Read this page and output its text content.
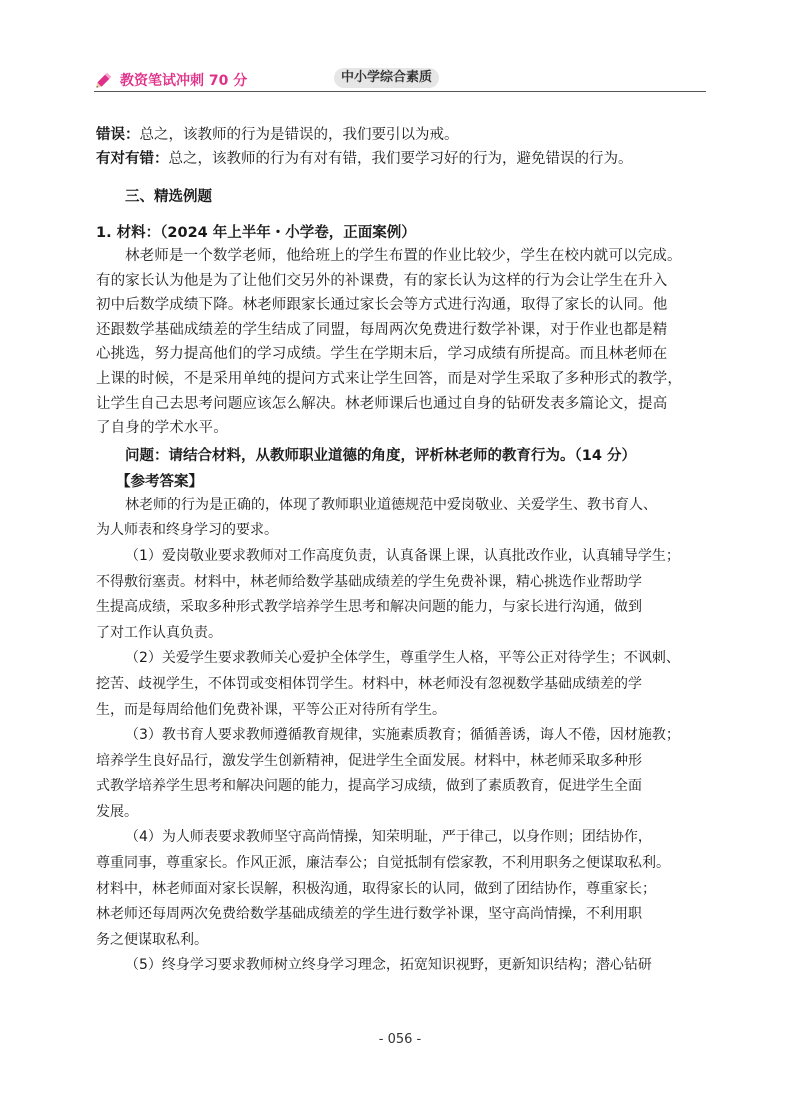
教资笔试冲刺 70 分	中小学综合素质
错误：总之，该教师的行为是错误的，我们要引以为戒。
有对有错：总之，该教师的行为有对有错，我们要学习好的行为，避免错误的行为。
三、精选例题
1. 材料：（2024 年上半年・小学卷，正面案例）
林老师是一个数学老师，他给班上的学生布置的作业比较少，学生在校内就可以完成。
有的家长认为他是为了让他们交另外的补课费，有的家长认为这样的行为会让学生在升入
初中后数学成绩下降。林老师跟家长通过家长会等方式进行沟通，取得了家长的认同。他
还跟数学基础成绩差的学生结成了同盟，每周两次免费进行数学补课，对于作业也都是精
心挑选，努力提高他们的学习成绩。学生在学期末后，学习成绩有所提高。而且林老师在
上课的时候，不是采用单纯的提问方式来让学生回答，而是对学生采取了多种形式的教学，
让学生自己去思考问题应该怎么解决。林老师课后也通过自身的钻研发表多篇论文，提高
了自身的学术水平。
问题：请结合材料，从教师职业道德的角度，评析林老师的教育行为。（14 分）
【参考答案】
林老师的行为是正确的，体现了教师职业道德规范中爱岗敬业、关爱学生、教书育人、
为人师表和终身学习的要求。
（1）爱岗敬业要求教师对工作高度负责，认真备课上课，认真批改作业，认真辅导学生；
不得敷衍塞责。材料中，林老师给数学基础成绩差的学生免费补课，精心挑选作业帮助学
生提高成绩，采取多种形式教学培养学生思考和解决问题的能力，与家长进行沟通，做到
了对工作认真负责。
（2）关爱学生要求教师关心爱护全体学生，尊重学生人格，平等公正对待学生；不讽刺、
挖苦、歧视学生，不体罚或变相体罚学生。材料中，林老师没有忽视数学基础成绩差的学
生，而是每周给他们免费补课，平等公正对待所有学生。
（3）教书育人要求教师遵循教育规律，实施素质教育；循循善诱，诲人不倦，因材施教；
培养学生良好品行，激发学生创新精神，促进学生全面发展。材料中，林老师采取多种形
式教学培养学生思考和解决问题的能力，提高学习成绩，做到了素质教育，促进学生全面
发展。
（4）为人师表要求教师坚守高尚情操，知荣明耻，严于律己，以身作则；团结协作，
尊重同事，尊重家长。作风正派，廉洁奉公；自觉抵制有偿家教，不利用职务之便谋取私利。
材料中，林老师面对家长误解，积极沟通，取得家长的认同，做到了团结协作，尊重家长；
林老师还每周两次免费给数学基础成绩差的学生进行数学补课，坚守高尚情操，不利用职
务之便谋取私利。
（5）终身学习要求教师树立终身学习理念，拓宽知识视野，更新知识结构；潜心钻研
- 056 -
